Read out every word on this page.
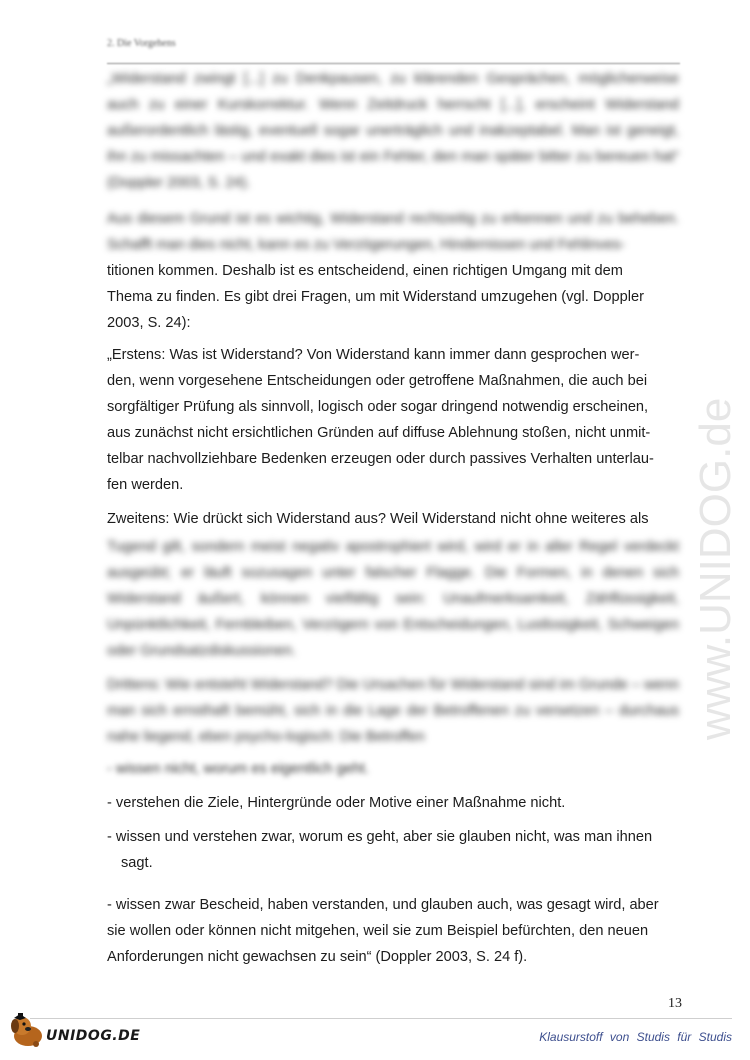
2. Die Vorgehens

„Widerstand zwingt [...] zu Denkpausen, zu klärenden Gesprächen, möglicherweise auch zu einer Kurskorrektur. Wenn Zeitdruck herrscht [...], erscheint Widerstand außerordentlich lästig, eventuell sogar unerträglich und inakzeptabel. Man ist geneigt, ihn zu missachten – und exakt dies ist ein Fehler, den man später bitter zu bereuen hat“ (Doppler 2003, S. 24).

Aus diesem Grund ist es wichtig, Widerstand rechtzeitig zu erkennen und zu beheben. Schafft man dies nicht, kann es zu Verzögerungen, Hindernissen und Fehlinves-

titionen kommen. Deshalb ist es entscheidend, einen richtigen Umgang mit dem
Thema zu finden. Es gibt drei Fragen, um mit Widerstand umzugehen (vgl. Doppler
2003, S. 24):
„Erstens: Was ist Widerstand? Von Widerstand kann immer dann gesprochen wer-
den, wenn vorgesehene Entscheidungen oder getroffene Maßnahmen, die auch bei
sorgfältiger Prüfung als sinnvoll, logisch oder sogar dringend notwendig erscheinen,
aus zunächst nicht ersichtlichen Gründen auf diffuse Ablehnung stoßen, nicht unmit-
telbar nachvollziehbare Bedenken erzeugen oder durch passives Verhalten unterlau-
fen werden.
Zweitens: Wie drückt sich Widerstand aus? Weil Widerstand nicht ohne weiteres als

Tugend gilt, sondern meist negativ apostrophiert wird, wird er in aller Regel verdeckt ausgeübt; er läuft sozusagen unter falscher Flagge. Die Formen, in denen sich Widerstand äußert, können vielfältig sein: Unaufmerksamkeit, Zähflüssigkeit, Unpünktlichkeit, Fernbleiben, Verzögern von Entscheidungen, Lustlosigkeit, Schweigen oder Grundsatzdiskussionen.

Drittens: Wie entsteht Widerstand? Die Ursachen für Widerstand sind im Grunde – wenn man sich ernsthaft bemüht, sich in die Lage der Betroffenen zu versetzen – durchaus nahe liegend, eben psycho-logisch: Die Betroffen

- wissen nicht, worum es eigentlich geht.
- verstehen die Ziele, Hintergründe oder Motive einer Maßnahme nicht.
- wissen und verstehen zwar, worum es geht, aber sie glauben nicht, was man ihnen
sagt.
- wissen zwar Bescheid, haben verstanden, und glauben auch, was gesagt wird, aber
sie wollen oder können nicht mitgehen, weil sie zum Beispiel befürchten, den neuen
Anforderungen nicht gewachsen zu sein“ (Doppler 2003, S. 24 f).
www.UNIDOG.de
13
UNIDOG.DE	Klausurstoff von Studis für Studis
